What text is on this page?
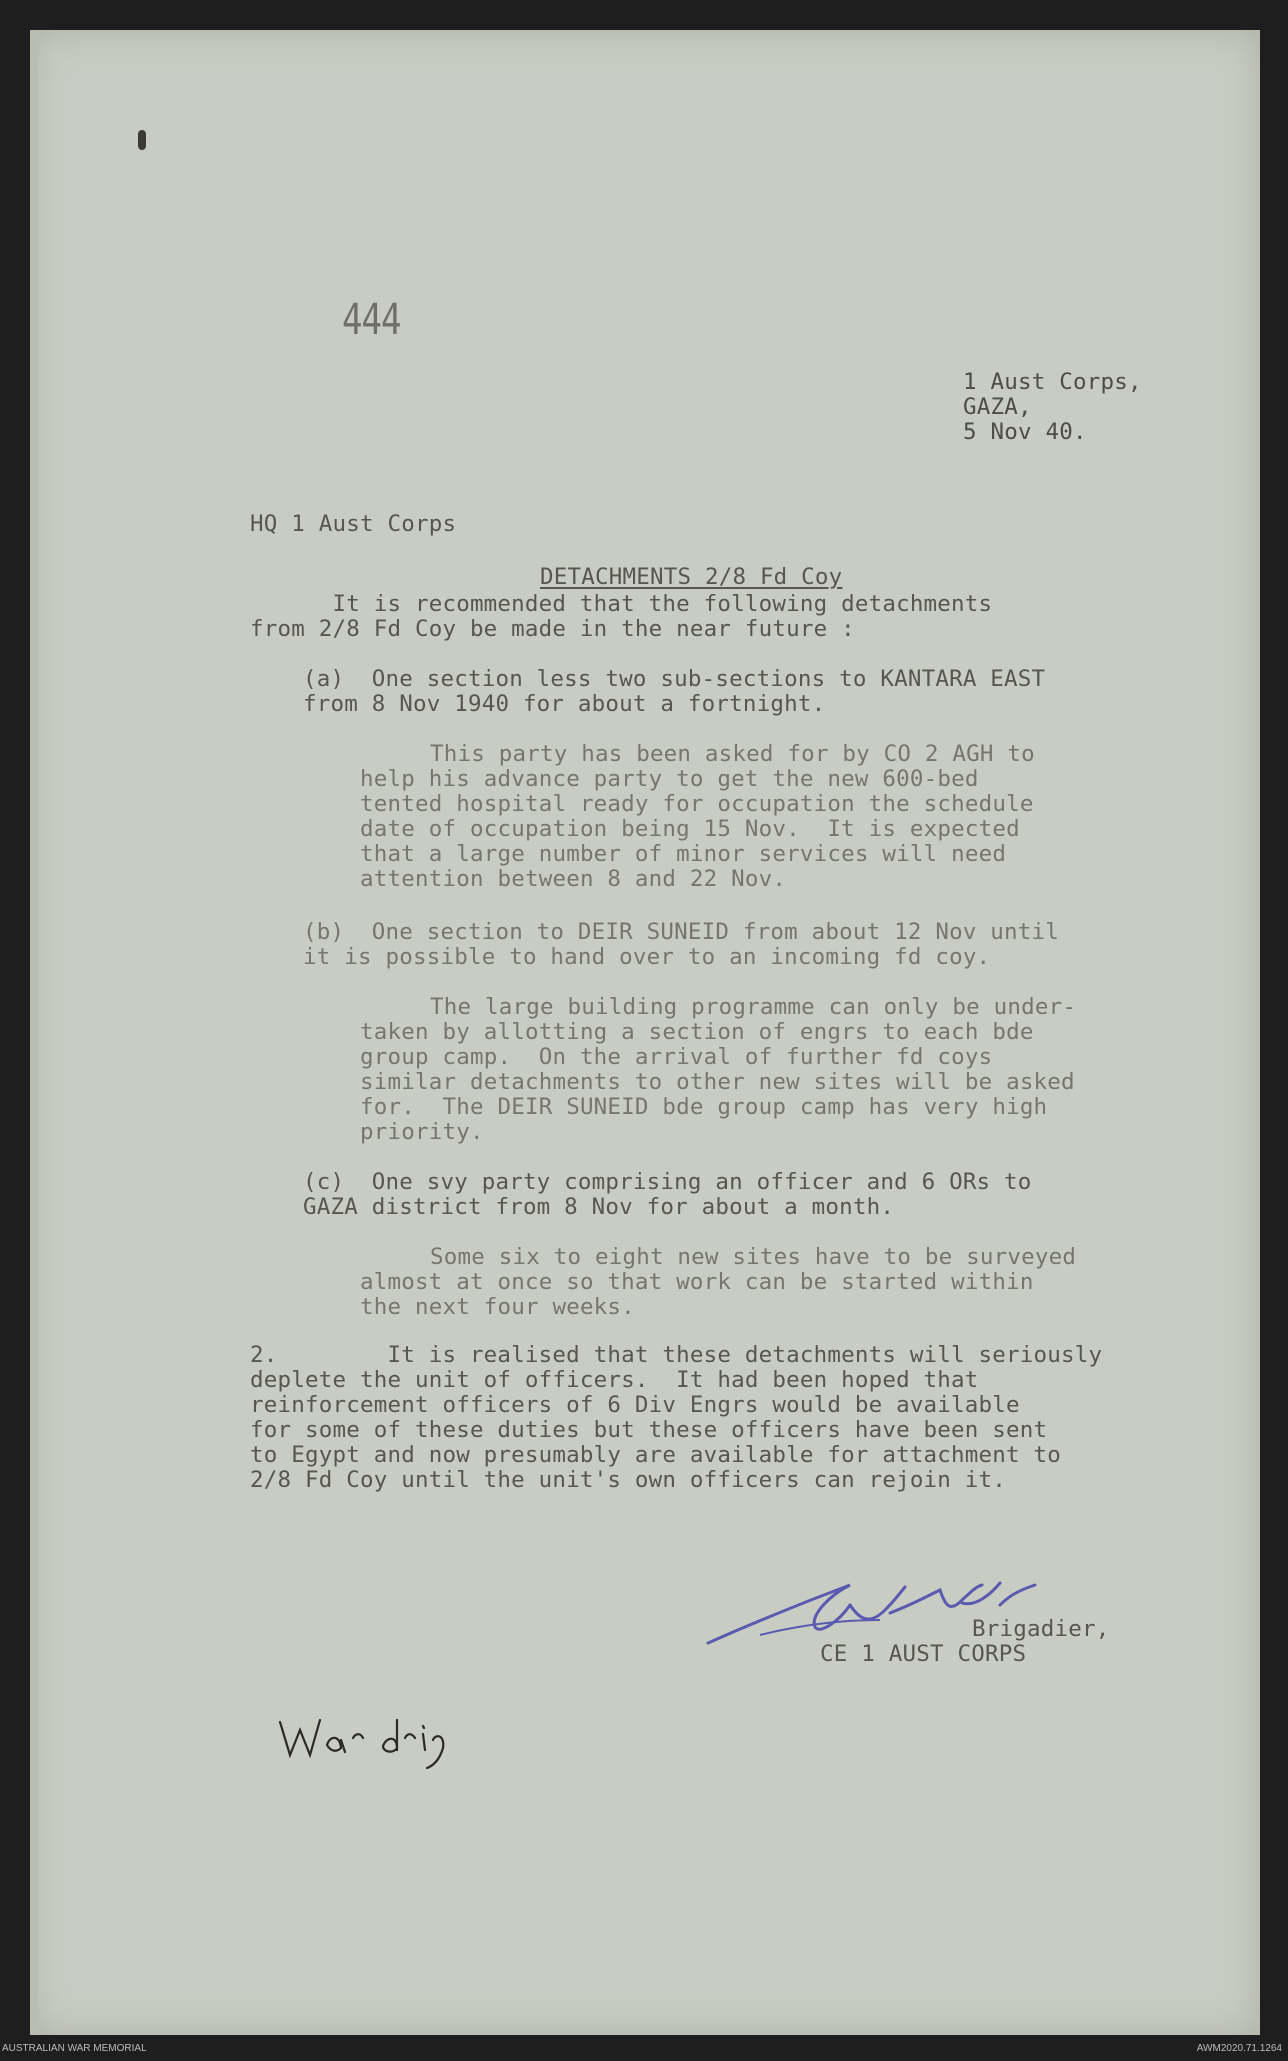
444
1 Aust Corps,
GAZA,
5 Nov 40.
HQ 1 Aust Corps
DETACHMENTS 2/8 Fd Coy
It is recommended that the following detachments
from 2/8 Fd Coy be made in the near future :
(a)  One section less two sub-sections to KANTARA EAST
from 8 Nov 1940 for about a fortnight.
This party has been asked for by CO 2 AGH to
help his advance party to get the new 600-bed
tented hospital ready for occupation the schedule
date of occupation being 15 Nov.  It is expected
that a large number of minor services will need
attention between 8 and 22 Nov.
(b)  One section to DEIR SUNEID from about 12 Nov until
it is possible to hand over to an incoming fd coy.
The large building programme can only be under-
taken by allotting a section of engrs to each bde
group camp.  On the arrival of further fd coys
similar detachments to other new sites will be asked
for.  The DEIR SUNEID bde group camp has very high
priority.
(c)  One svy party comprising an officer and 6 ORs to
GAZA district from 8 Nov for about a month.
Some six to eight new sites have to be surveyed
almost at once so that work can be started within
the next four weeks.
2.        It is realised that these detachments will seriously
deplete the unit of officers.  It had been hoped that
reinforcement officers of 6 Div Engrs would be available
for some of these duties but these officers have been sent
to Egypt and now presumably are available for attachment to
2/8 Fd Coy until the unit's own officers can rejoin it.
Brigadier,
CE 1 AUST CORPS
War diary
AUSTRALIAN WAR MEMORIAL	AWM2020.71.1264
